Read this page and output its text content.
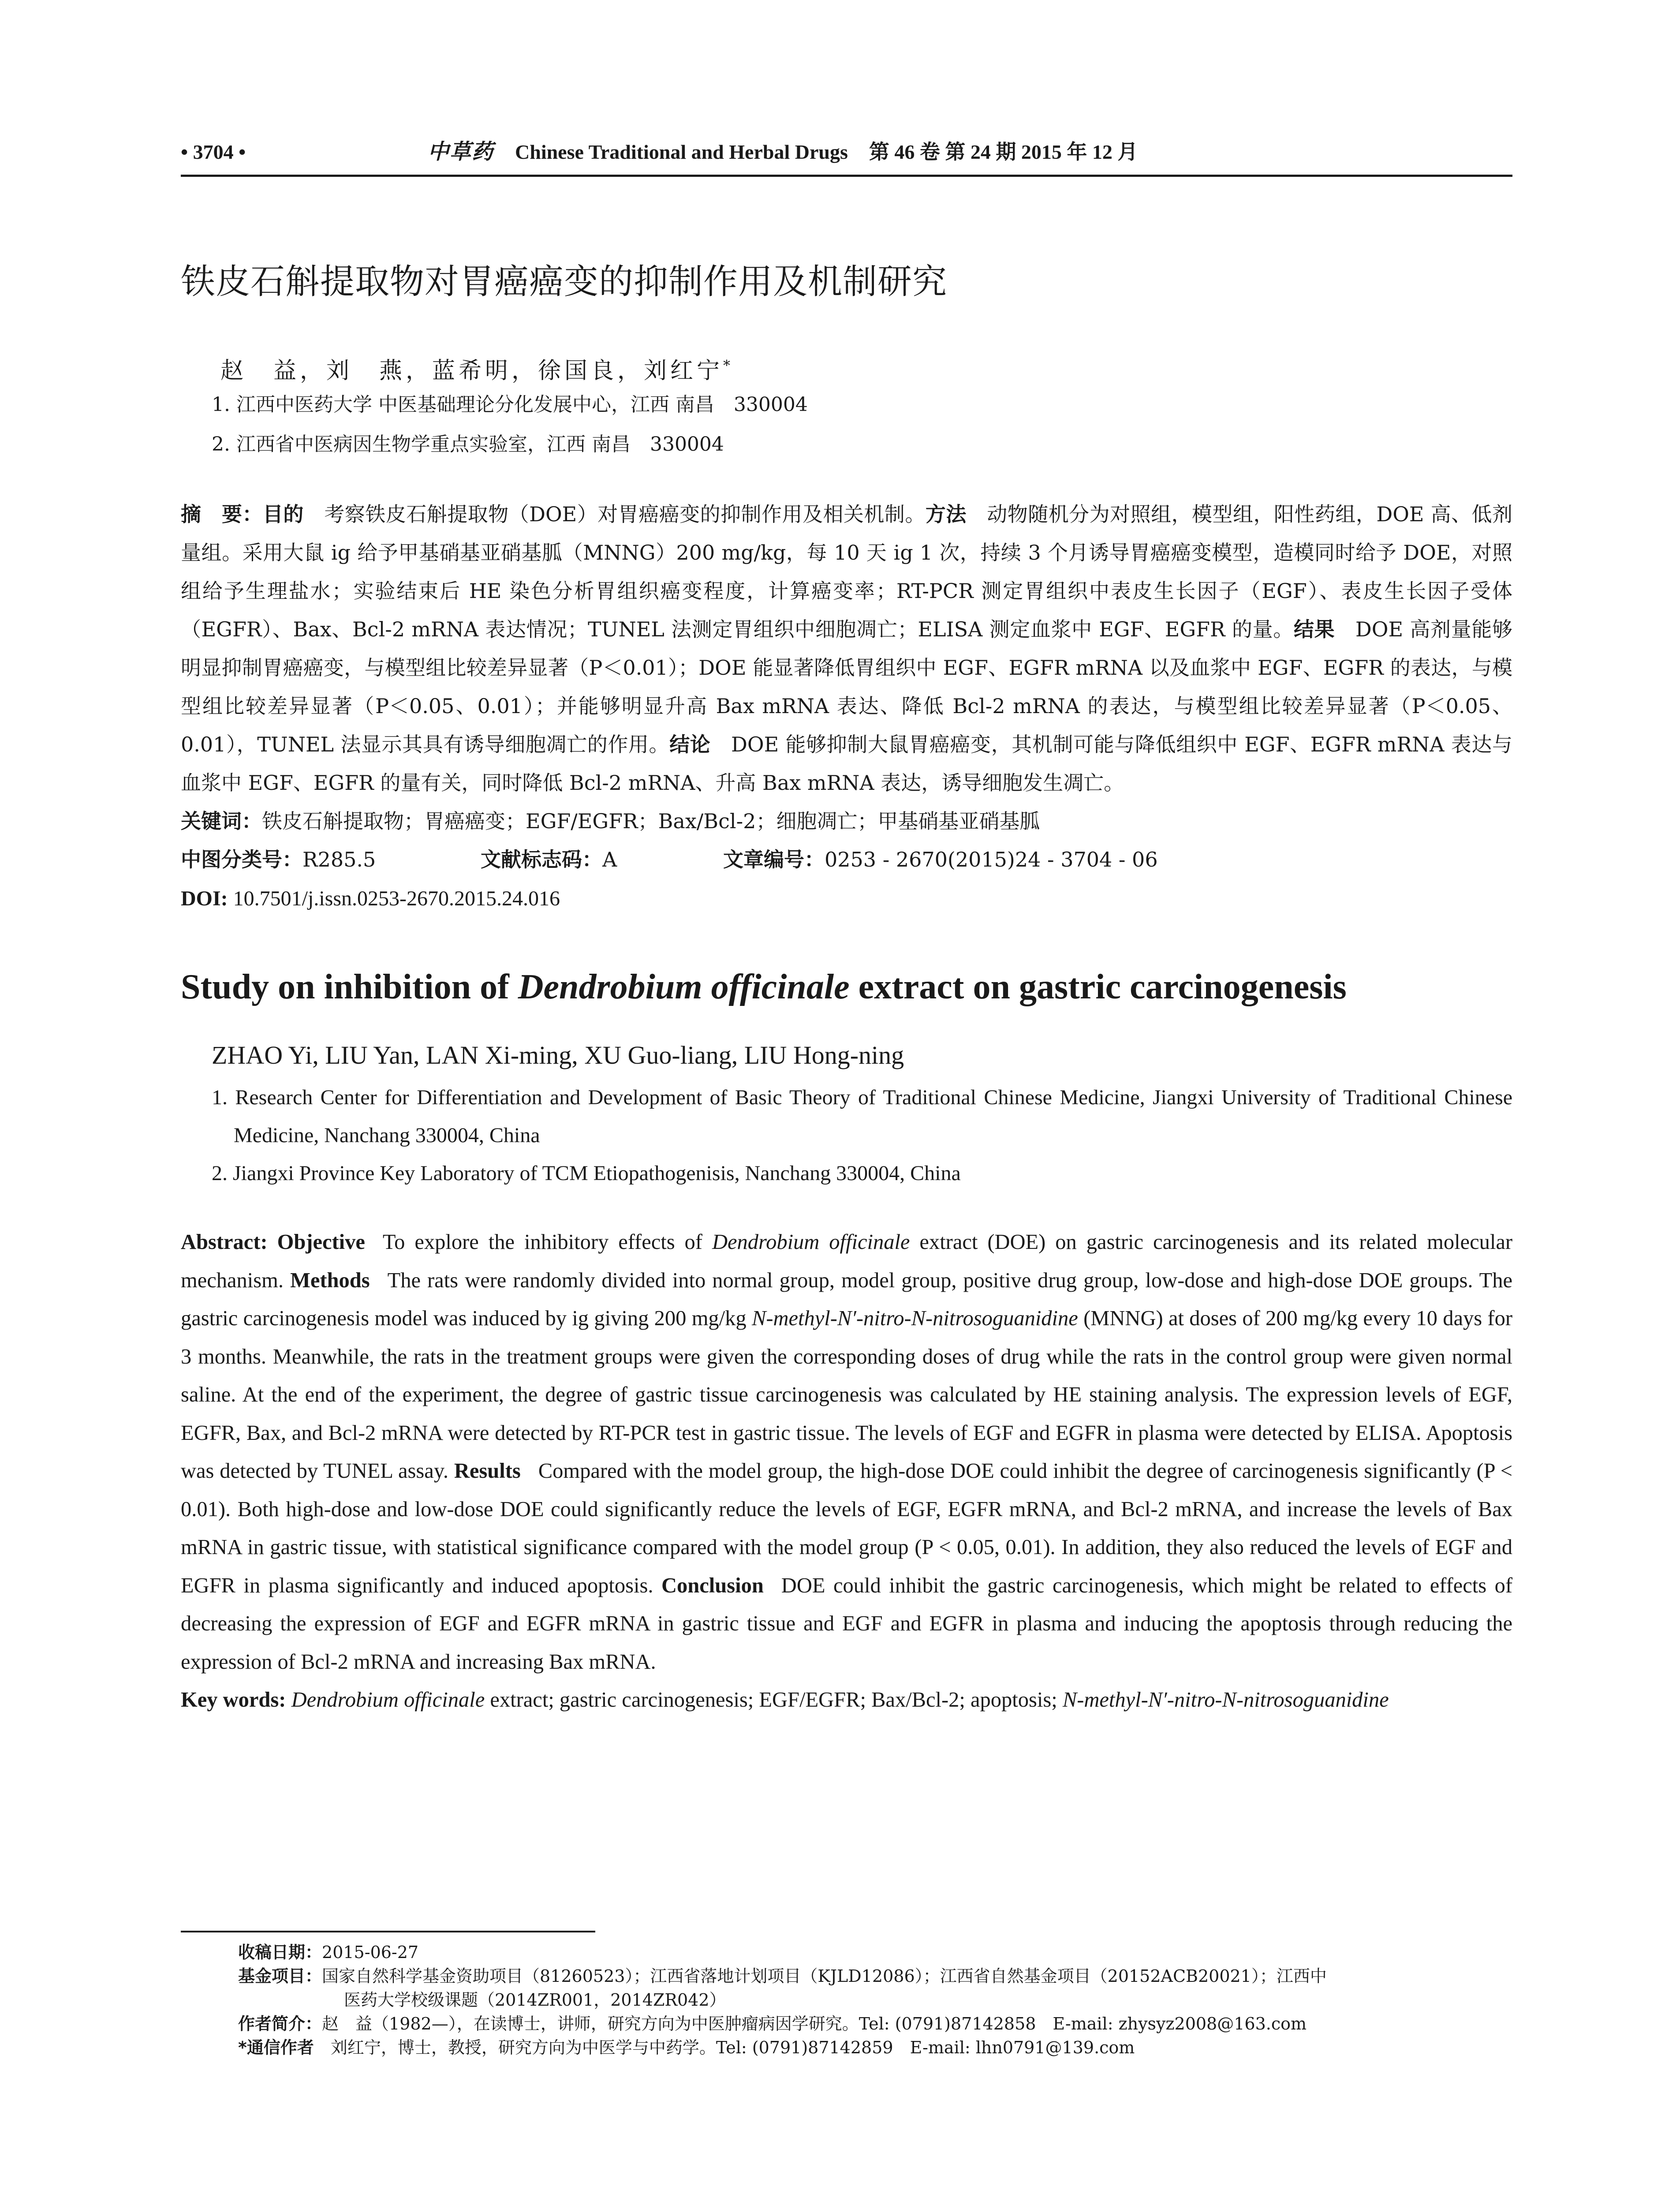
• 3704 •	中草药 Chinese Traditional and Herbal Drugs 第 46 卷 第 24 期 2015 年 12 月
铁皮石斛提取物对胃癌癌变的抑制作用及机制研究
赵　益，刘　燕，蓝希明，徐国良，刘红宁*
1. 江西中医药大学 中医基础理论分化发展中心，江西 南昌　330004
2. 江西省中医病因生物学重点实验室，江西 南昌　330004
摘　要：目的　考察铁皮石斛提取物（DOE）对胃癌癌变的抑制作用及相关机制。方法　动物随机分为对照组，模型组，阳性药组，DOE 高、低剂量组。采用大鼠 ig 给予甲基硝基亚硝基胍（MNNG）200 mg/kg，每 10 天 ig 1 次，持续 3 个月诱导胃癌癌变模型，造模同时给予 DOE，对照组给予生理盐水；实验结束后 HE 染色分析胃组织癌变程度，计算癌变率；RT-PCR 测定胃组织中表皮生长因子（EGF）、表皮生长因子受体（EGFR）、Bax、Bcl-2 mRNA 表达情况；TUNEL 法测定胃组织中细胞凋亡；ELISA 测定血浆中 EGF、EGFR 的量。结果　DOE 高剂量能够明显抑制胃癌癌变，与模型组比较差异显著（P＜0.01）；DOE 能显著降低胃组织中 EGF、EGFR mRNA 以及血浆中 EGF、EGFR 的表达，与模型组比较差异显著（P＜0.05、0.01）；并能够明显升高 Bax mRNA 表达、降低 Bcl-2 mRNA 的表达，与模型组比较差异显著（P＜0.05、0.01），TUNEL 法显示其具有诱导细胞凋亡的作用。结论　DOE 能够抑制大鼠胃癌癌变，其机制可能与降低组织中 EGF、EGFR mRNA 表达与血浆中 EGF、EGFR 的量有关，同时降低 Bcl-2 mRNA、升高 Bax mRNA 表达，诱导细胞发生凋亡。
关键词：铁皮石斛提取物；胃癌癌变；EGF/EGFR；Bax/Bcl-2；细胞凋亡；甲基硝基亚硝基胍
中图分类号：R285.5	文献标志码：A	文章编号：0253 - 2670(2015)24 - 3704 - 06
DOI: 10.7501/j.issn.0253-2670.2015.24.016
Study on inhibition of Dendrobium officinale extract on gastric carcinogenesis
ZHAO Yi, LIU Yan, LAN Xi-ming, XU Guo-liang, LIU Hong-ning
1. Research Center for Differentiation and Development of Basic Theory of Traditional Chinese Medicine, Jiangxi University of Traditional Chinese Medicine, Nanchang 330004, China
2. Jiangxi Province Key Laboratory of TCM Etiopathogenisis, Nanchang 330004, China
Abstract: Objective To explore the inhibitory effects of Dendrobium officinale extract (DOE) on gastric carcinogenesis and its related molecular mechanism. Methods The rats were randomly divided into normal group, model group, positive drug group, low-dose and high-dose DOE groups. The gastric carcinogenesis model was induced by ig giving 200 mg/kg N-methyl-N′-nitro-N-nitrosoguanidine (MNNG) at doses of 200 mg/kg every 10 days for 3 months. Meanwhile, the rats in the treatment groups were given the corresponding doses of drug while the rats in the control group were given normal saline. At the end of the experiment, the degree of gastric tissue carcinogenesis was calculated by HE staining analysis. The expression levels of EGF, EGFR, Bax, and Bcl-2 mRNA were detected by RT-PCR test in gastric tissue. The levels of EGF and EGFR in plasma were detected by ELISA. Apoptosis was detected by TUNEL assay. Results Compared with the model group, the high-dose DOE could inhibit the degree of carcinogenesis significantly (P < 0.01). Both high-dose and low-dose DOE could significantly reduce the levels of EGF, EGFR mRNA, and Bcl-2 mRNA, and increase the levels of Bax mRNA in gastric tissue, with statistical significance compared with the model group (P < 0.05, 0.01). In addition, they also reduced the levels of EGF and EGFR in plasma significantly and induced apoptosis. Conclusion DOE could inhibit the gastric carcinogenesis, which might be related to effects of decreasing the expression of EGF and EGFR mRNA in gastric tissue and EGF and EGFR in plasma and inducing the apoptosis through reducing the expression of Bcl-2 mRNA and increasing Bax mRNA.
Key words: Dendrobium officinale extract; gastric carcinogenesis; EGF/EGFR; Bax/Bcl-2; apoptosis; N-methyl-N′-nitro-N-nitrosoguanidine

收稿日期：2015-06-27

基金项目：国家自然科学基金资助项目（81260523）；江西省落地计划项目（KJLD12086）；江西省自然基金项目（20152ACB20021）；江西中

医药大学校级课题（2014ZR001，2014ZR042）

作者简介：赵　益（1982—），在读博士，讲师，研究方向为中医肿瘤病因学研究。Tel: (0791)87142858　E-mail: zhysyz2008@163.com

*通信作者　刘红宁，博士，教授，研究方向为中医学与中药学。Tel: (0791)87142859　E-mail: lhn0791@139.com
